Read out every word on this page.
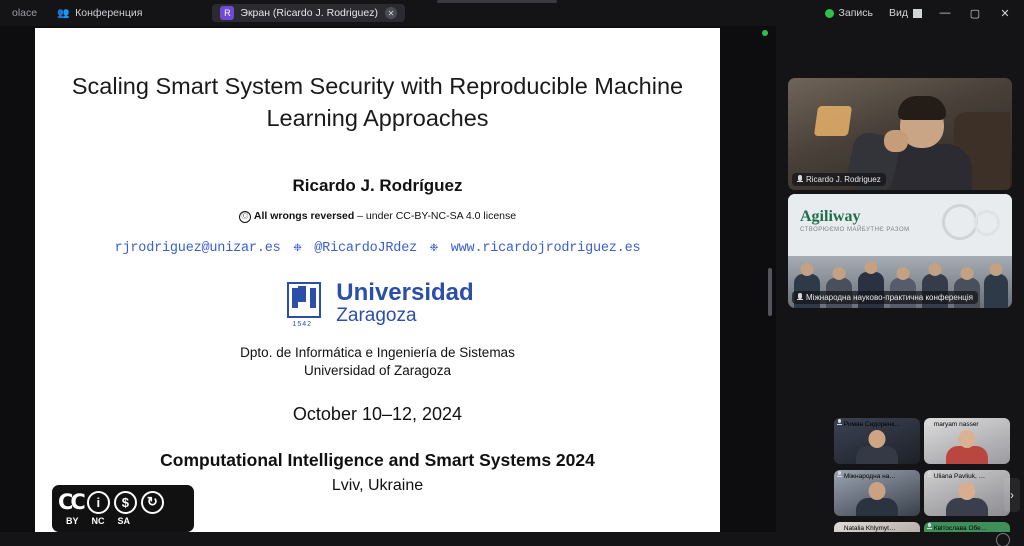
olace 👥 Конференция	R Экран (Ricardo J. Rodriguez)	✕	Запись Вид	—	▢	✕
Scaling Smart System Security with Reproducible Machine Learning Approaches
Ricardo J. Rodríguez
Ⓒ All wrongs reversed – under CC-BY-NC-SA 4.0 license
rjrodriguez@unizar.es ❉ @RicardoJRdez ❉ www.ricardojrodriguez.es
1542
Universidad
Zaragoza
Dpto. de Informática e Ingeniería de Sistemas
Universidad of Zaragoza
October 10–12, 2024
Computational Intelligence and Smart Systems 2024
Lviv, Ukraine
CC	i	$	↻
BY NC SA
Ricardo J. Rodriguez
Agiliway
СТВОРЮЄМО МАЙБУТНЄ РАЗОМ
Міжнародна науково-практична конференція
Роман Сидоренк…	maryam nasser
Міжнародна на…	Uliana Pavliuk, …
Natalia Khlymyt…	Квітослава Обе…
›
